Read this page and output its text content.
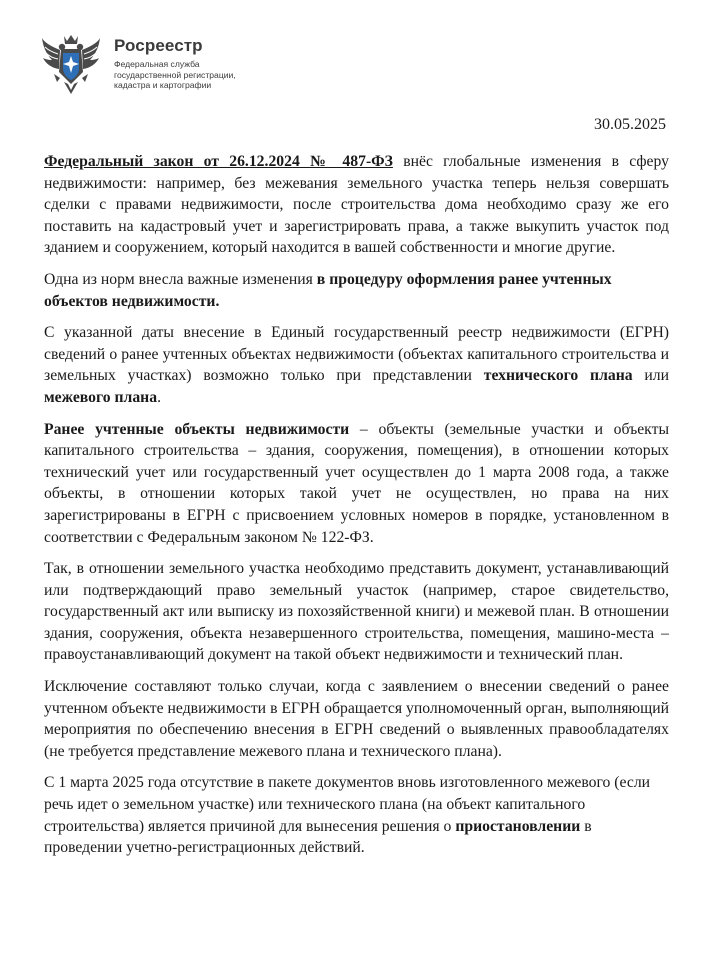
Росреестр
Федеральная служба
государственной регистрации,
кадастра и картографии
30.05.2025

Федеральный закон от 26.12.2024 № 487-ФЗ внёс глобальные изменения в сферу недвижимости: например, без межевания земельного участка теперь нельзя совершать сделки с правами недвижимости, после строительства дома необходимо сразу же его поставить на кадастровый учет и зарегистрировать права, а также выкупить участок под зданием и сооружением, который находится в вашей собственности и многие другие.

Одна из норм внесла важные изменения в процедуру оформления ранее учтенных объектов недвижимости.

С указанной даты внесение в Единый государственный реестр недвижимости (ЕГРН) сведений о ранее учтенных объектах недвижимости (объектах капитального строительства и земельных участках) возможно только при представлении технического плана или межевого плана.

Ранее учтенные объекты недвижимости – объекты (земельные участки и объекты капитального строительства – здания, сооружения, помещения), в отношении которых технический учет или государственный учет осуществлен до 1 марта 2008 года, а также объекты, в отношении которых такой учет не осуществлен, но права на них зарегистрированы в ЕГРН с присвоением условных номеров в порядке, установленном в соответствии с Федеральным законом № 122-ФЗ.

Так, в отношении земельного участка необходимо представить документ, устанавливающий или подтверждающий право земельный участок (например, старое свидетельство, государственный акт или выписку из похозяйственной книги) и межевой план. В отношении здания, сооружения, объекта незавершенного строительства, помещения, машино-места – правоустанавливающий документ на такой объект недвижимости и технический план.

Исключение составляют только случаи, когда с заявлением о внесении сведений о ранее учтенном объекте недвижимости в ЕГРН обращается уполномоченный орган, выполняющий мероприятия по обеспечению внесения в ЕГРН сведений о выявленных правообладателях (не требуется представление межевого плана и технического плана).

С 1 марта 2025 года отсутствие в пакете документов вновь изготовленного межевого (если речь идет о земельном участке) или технического плана (на объект капитального строительства) является причиной для вынесения решения о приостановлении в проведении учетно-регистрационных действий.
